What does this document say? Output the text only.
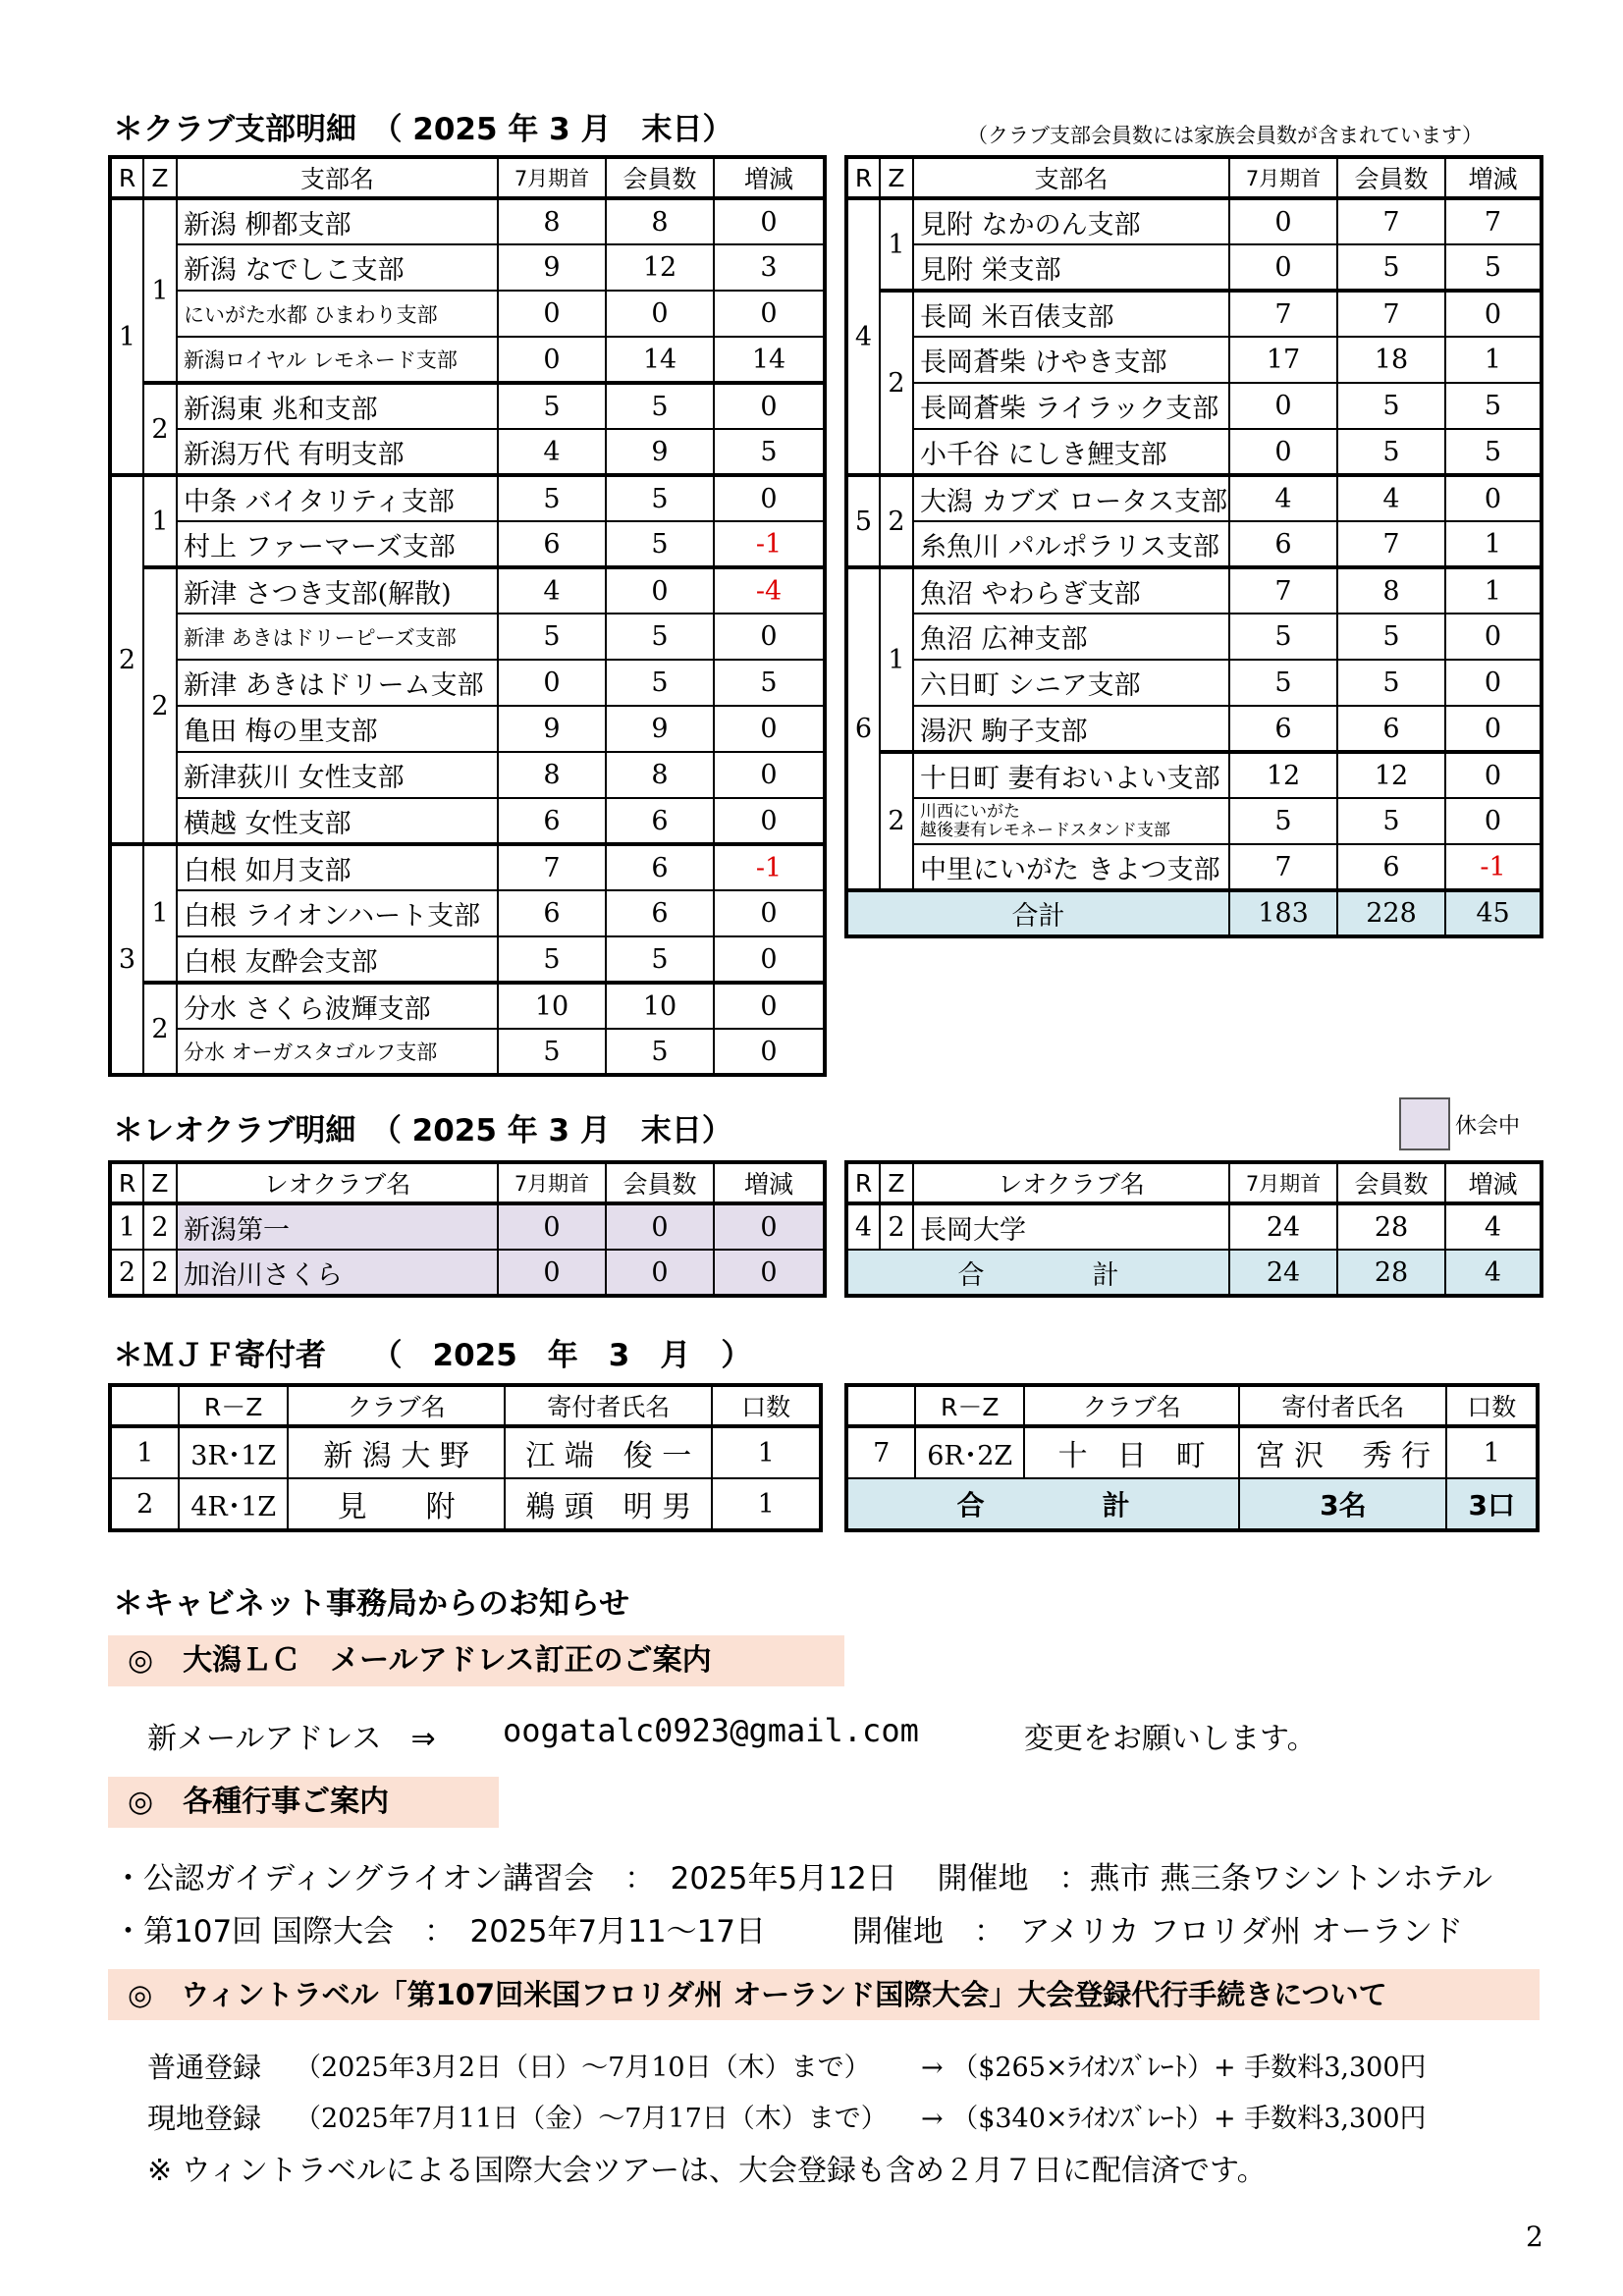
＊クラブ支部明細　（ 2025 年 3 月　末日）	（クラブ支部会員数には家族会員数が含まれています）
R	Z	支部名	7月期首	会員数	増減
1	1	新潟 柳都支部	8	8	0
		新潟 なでしこ支部	9	12	3
		にいがた水都 ひまわり支部	0	0	0
		新潟ロイヤル レモネード支部	0	14	14
	2	新潟東 兆和支部	5	5	0
		新潟万代 有明支部	4	9	5
2	1	中条 バイタリティ支部	5	5	0
		村上 ファーマーズ支部	6	5	-1
	2	新津 さつき支部(解散)	4	0	-4
		新津 あきはドリーピーズ支部	5	5	0
		新津 あきはドリーム支部	0	5	5
		亀田 梅の里支部	9	9	0
		新津荻川 女性支部	8	8	0
		横越 女性支部	6	6	0
3	1	白根 如月支部	7	6	-1
		白根 ライオンハート支部	6	6	0
		白根 友酔会支部	5	5	0
	2	分水 さくら波輝支部	10	10	0
		分水 オーガスタゴルフ支部	5	5	0
R	Z	支部名	7月期首	会員数	増減
4	1	見附 なかのん支部	0	7	7
		見附 栄支部	0	5	5
	2	長岡 米百俵支部	7	7	0
		長岡蒼柴 けやき支部	17	18	1
		長岡蒼柴 ライラック支部	0	5	5
		小千谷 にしき鯉支部	0	5	5
5	2	大潟 カブズ ロータス支部	4	4	0
		糸魚川 パルポラリス支部	6	7	1
6	1	魚沼 やわらぎ支部	7	8	1
		魚沼 広神支部	5	5	0
		六日町 シニア支部	5	5	0
		湯沢 駒子支部	6	6	0
	2	十日町 妻有おいよい支部	12	12	0
		川西にいがた
越後妻有レモネードスタンド支部	5	5	0
		中里にいがた きよつ支部	7	6	-1
合計			183	228	45
＊レオクラブ明細　（ 2025 年 3 月　末日）	休会中
R	Z	レオクラブ名	7月期首	会員数	増減
1	2	新潟第一	0	0	0
2	2	加治川さくら	0	0	0
R	Z	レオクラブ名	7月期首	会員数	増減
4	2	長岡大学	24	28	4
合 計			24	28	4
＊ＭＪＦ寄付者　　（　2025　年　3　月　）
	R－Z	クラブ名	寄付者氏名	口数
1	3R･1Z	新 潟 大 野	江 端　俊 一	1
2	4R･1Z	見　　附	鵜 頭　明 男	1
	R－Z	クラブ名	寄付者氏名	口数
7	6R･2Z	十　日　町	宮 沢　 秀 行	1
合 計			3名	3口
＊キャビネット事務局からのお知らせ
◎　大潟ＬＣ　メールアドレス訂正のご案内
新メールアドレス　⇒ oogatalc0923@gmail.com	変更をお願いします。
◎　各種行事ご案内
・公認ガイディングライオン講習会　：　2025年5月12日　 開催地　：燕市 燕三条ワシントンホテル
・第107回 国際大会　：　2025年7月11～17日	開催地　：　アメリカ フロリダ州 オーランド
◎　ウィントラベル「第107回米国フロリダ州 オーランド国際大会」大会登録代行手続きについて
普通登録 （2025年3月2日（日）～7月10日（木）まで） → （$265×ﾗｲｵﾝｽﾞﾚｰﾄ）+ 手数料3,300円
現地登録 （2025年7月11日（金）～7月17日（木）まで） → （$340×ﾗｲｵﾝｽﾞﾚｰﾄ）+ 手数料3,300円
※ ウィントラベルによる国際大会ツアーは、大会登録も含め２月７日に配信済です。
2
